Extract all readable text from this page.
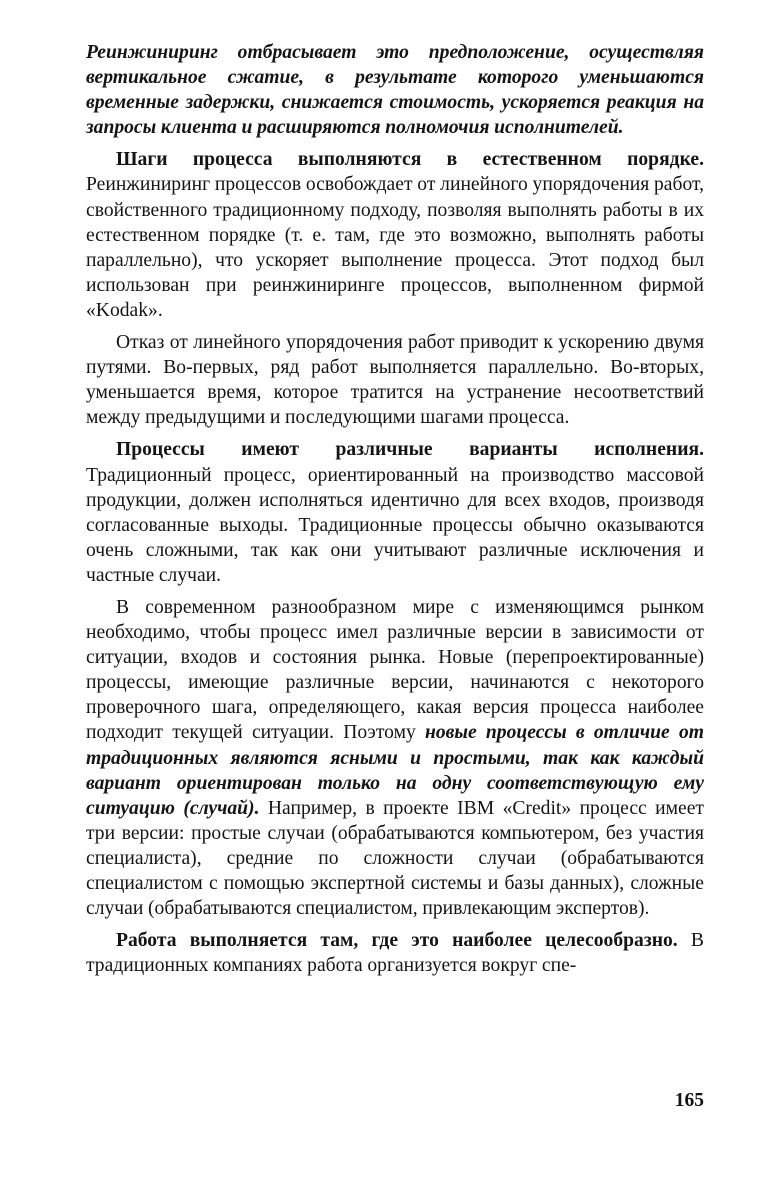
Реинжиниринг отбрасывает это предположение, осуществляя вертикальное сжатие, в результате которого уменьшаются временные задержки, снижается стоимость, ускоряется реакция на запросы клиента и расширяются полномочия исполнителей.

Шаги процесса выполняются в естественном порядке. Реинжиниринг процессов освобождает от линейного упорядочения работ, свойственного традиционному подходу, позволяя выполнять работы в их естественном порядке (т. е. там, где это возможно, выполнять работы параллельно), что ускоряет выполнение процесса. Этот подход был использован при реинжиниринге процессов, выполненном фирмой «Kodak».

Отказ от линейного упорядочения работ приводит к ускорению двумя путями. Во-первых, ряд работ выполняется параллельно. Во-вторых, уменьшается время, которое тратится на устранение несоответствий между предыдущими и последующими шагами процесса.

Процессы имеют различные варианты исполнения. Традиционный процесс, ориентированный на производство массовой продукции, должен исполняться идентично для всех входов, производя согласованные выходы. Традиционные процессы обычно оказываются очень сложными, так как они учитывают различные исключения и частные случаи.

В современном разнообразном мире с изменяющимся рынком необходимо, чтобы процесс имел различные версии в зависимости от ситуации, входов и состояния рынка. Новые (перепроектированные) процессы, имеющие различные версии, начинаются с некоторого проверочного шага, определяющего, какая версия процесса наиболее подходит текущей ситуации. Поэтому новые процессы в отличие от традиционных являются ясными и простыми, так как каждый вариант ориентирован только на одну соответствующую ему ситуацию (случай). Например, в проекте IBM «Credit» процесс имеет три версии: простые случаи (обрабатываются компьютером, без участия специалиста), средние по сложности случаи (обрабатываются специалистом с помощью экспертной системы и базы данных), сложные случаи (обрабатываются специалистом, привлекающим экспертов).

Работа выполняется там, где это наиболее целесообразно. В традиционных компаниях работа организуется вокруг спе-

165
